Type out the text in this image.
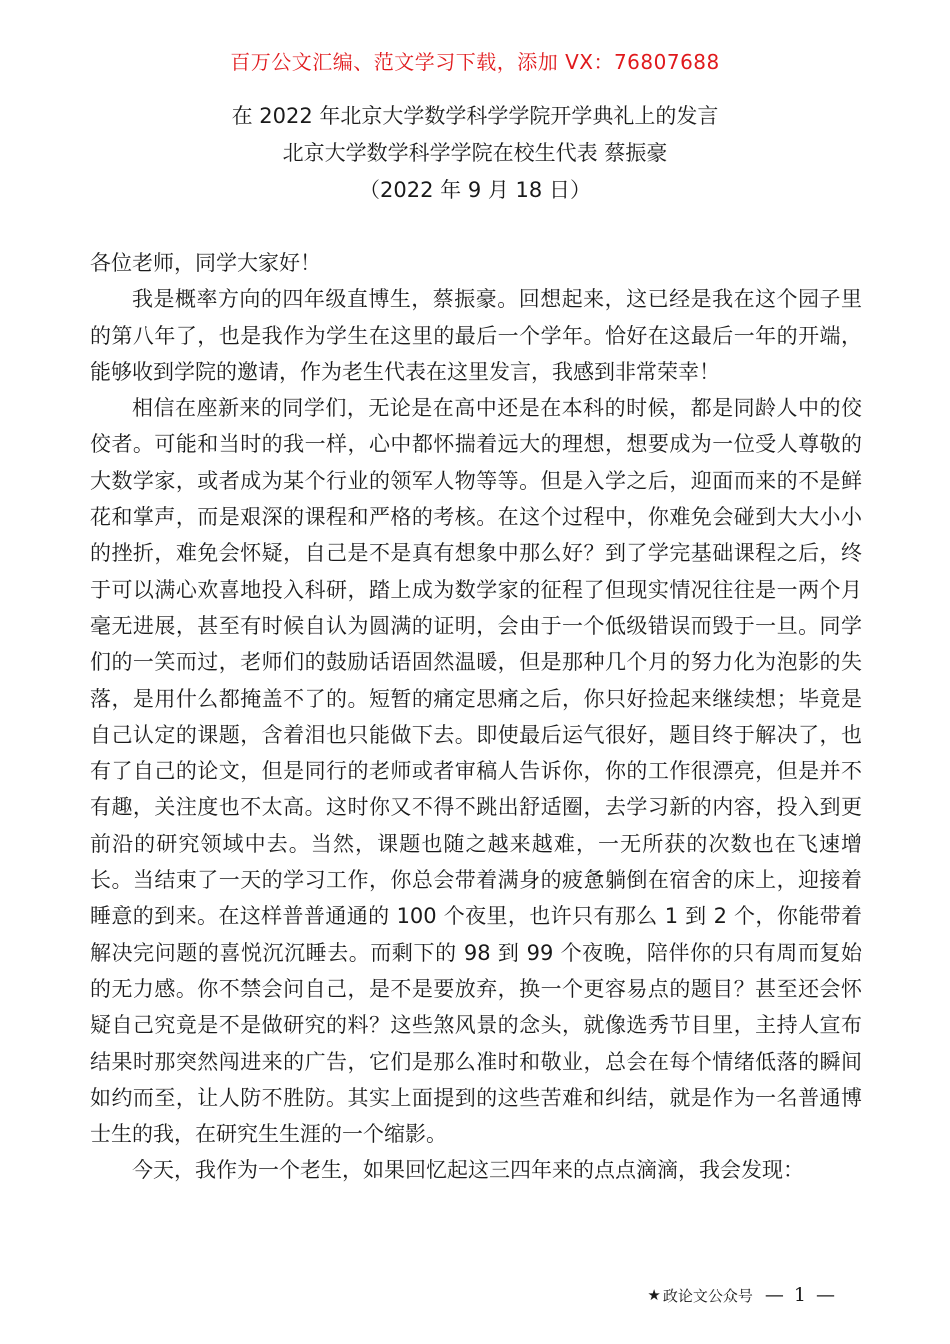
百万公文汇编、范文学习下载，添加 VX：76807688
在 2022 年北京大学数学科学学院开学典礼上的发言
北京大学数学科学学院在校生代表 蔡振豪
（2022 年 9 月 18 日）

各位老师，同学大家好！

我是概率方向的四年级直博生，蔡振豪。回想起来，这已经是我在这个园子里的第八年了，也是我作为学生在这里的最后一个学年。恰好在这最后一年的开端，能够收到学院的邀请，作为老生代表在这里发言，我感到非常荣幸！

相信在座新来的同学们，无论是在高中还是在本科的时候，都是同龄人中的佼佼者。可能和当时的我一样，心中都怀揣着远大的理想，想要成为一位受人尊敬的大数学家，或者成为某个行业的领军人物等等。但是入学之后，迎面而来的不是鲜花和掌声，而是艰深的课程和严格的考核。在这个过程中，你难免会碰到大大小小的挫折，难免会怀疑，自己是不是真有想象中那么好？到了学完基础课程之后，终于可以满心欢喜地投入科研，踏上成为数学家的征程了但现实情况往往是一两个月毫无进展，甚至有时候自认为圆满的证明，会由于一个低级错误而毁于一旦。同学们的一笑而过，老师们的鼓励话语固然温暖，但是那种几个月的努力化为泡影的失落，是用什么都掩盖不了的。短暂的痛定思痛之后，你只好捡起来继续想；毕竟是自己认定的课题，含着泪也只能做下去。即使最后运气很好，题目终于解决了，也有了自己的论文，但是同行的老师或者审稿人告诉你，你的工作很漂亮，但是并不有趣，关注度也不太高。这时你又不得不跳出舒适圈，去学习新的内容，投入到更前沿的研究领域中去。当然，课题也随之越来越难，一无所获的次数也在飞速增长。当结束了一天的学习工作，你总会带着满身的疲惫躺倒在宿舍的床上，迎接着睡意的到来。在这样普普通通的 100 个夜里，也许只有那么 1 到 2 个，你能带着解决完问题的喜悦沉沉睡去。而剩下的 98 到 99 个夜晚，陪伴你的只有周而复始的无力感。你不禁会问自己，是不是要放弃，换一个更容易点的题目？甚至还会怀疑自己究竟是不是做研究的料？这些煞风景的念头，就像选秀节目里，主持人宣布结果时那突然闯进来的广告，它们是那么准时和敬业，总会在每个情绪低落的瞬间如约而至，让人防不胜防。其实上面提到的这些苦难和纠结，就是作为一名普通博士生的我，在研究生生涯的一个缩影。

今天，我作为一个老生，如果回忆起这三四年来的点点滴滴，我会发现：

★ 政论文公众号 — 1 —
